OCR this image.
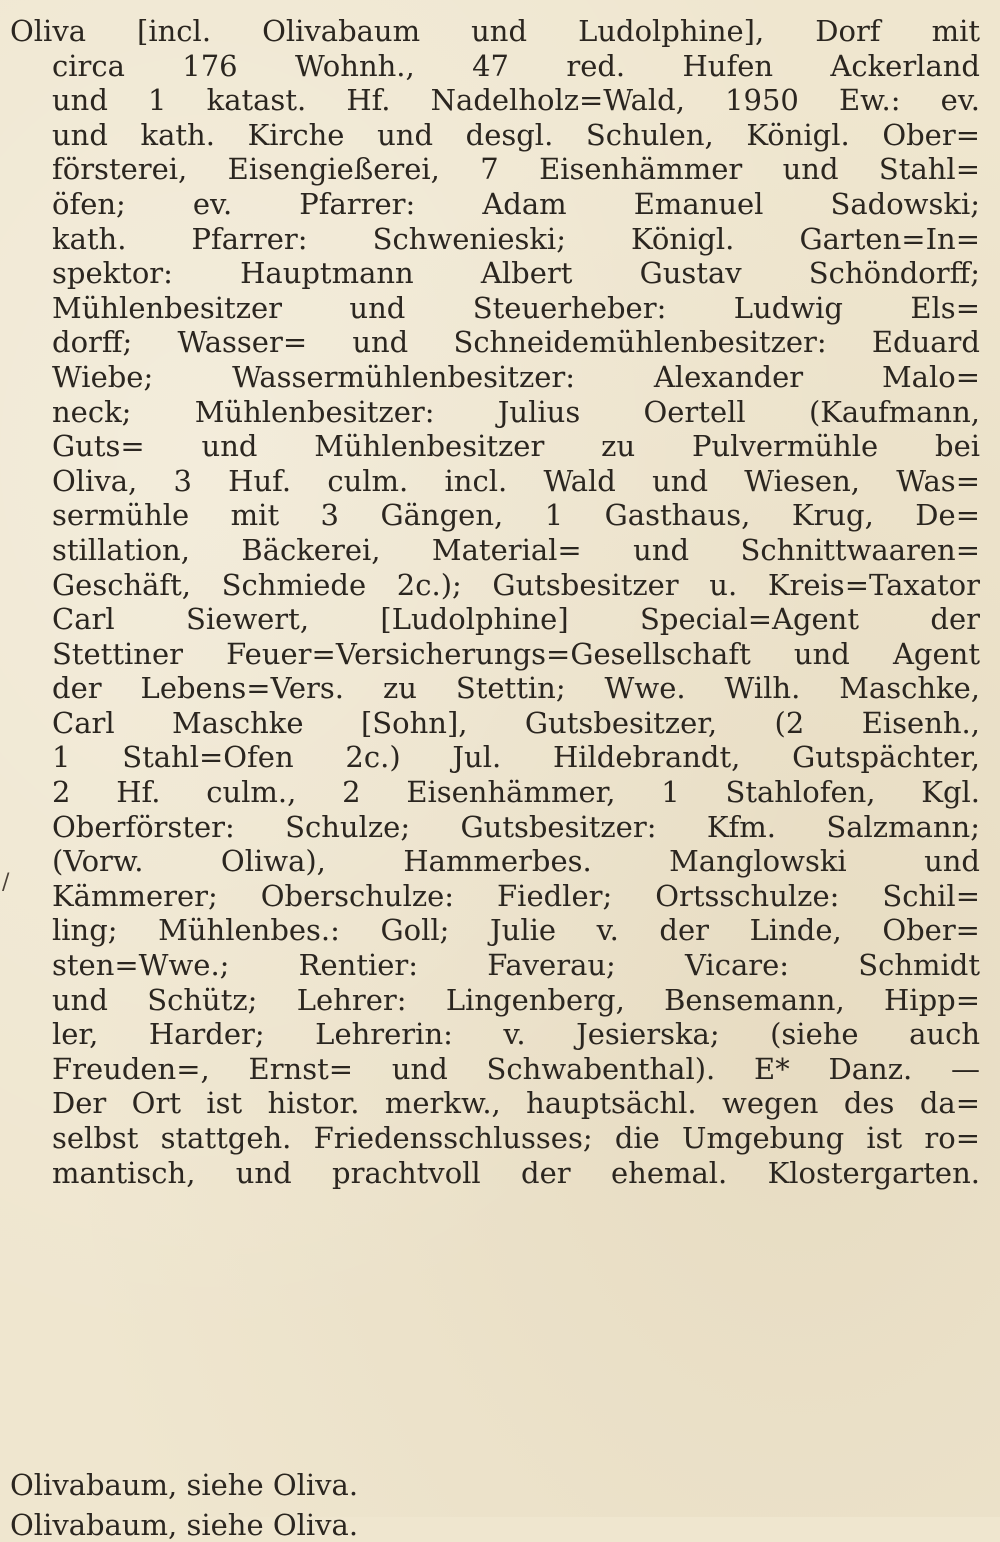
/
Oliva [incl. Olivabaum und Ludolphine], Dorf mit
circa 176 Wohnh., 47 red. Hufen Ackerland
und 1 katast. Hf. Nadelholz=Wald, 1950 Ew.: ev.
und kath. Kirche und desgl. Schulen, Königl. Ober=
försterei, Eisengießerei, 7 Eisenhämmer und Stahl=
öfen; ev. Pfarrer: Adam Emanuel Sadowski;
kath. Pfarrer: Schwenieski; Königl. Garten=In=
spektor: Hauptmann Albert Gustav Schöndorff;
Mühlenbesitzer und Steuerheber: Ludwig Els=
dorff; Wasser= und Schneidemühlenbesitzer: Eduard
Wiebe; Wassermühlenbesitzer: Alexander Malo=
neck; Mühlenbesitzer: Julius Oertell (Kaufmann,
Guts= und Mühlenbesitzer zu Pulvermühle bei
Oliva, 3 Huf. culm. incl. Wald und Wiesen, Was=
sermühle mit 3 Gängen, 1 Gasthaus, Krug, De=
stillation, Bäckerei, Material= und Schnittwaaren=
Geschäft, Schmiede 2c.); Gutsbesitzer u. Kreis=Taxator
Carl Siewert, [Ludolphine] Special=Agent der
Stettiner Feuer=Versicherungs=Gesellschaft und Agent
der Lebens=Vers. zu Stettin; Wwe. Wilh. Maschke,
Carl Maschke [Sohn], Gutsbesitzer, (2 Eisenh.,
1 Stahl=Ofen 2c.) Jul. Hildebrandt, Gutspächter,
2 Hf. culm., 2 Eisenhämmer, 1 Stahlofen, Kgl.
Oberförster: Schulze; Gutsbesitzer: Kfm. Salzmann;
(Vorw. Oliwa), Hammerbes. Manglowski und
Kämmerer; Oberschulze: Fiedler; Ortsschulze: Schil=
ling; Mühlenbes.: Goll; Julie v. der Linde, Ober=
sten=Wwe.; Rentier: Faverau; Vicare: Schmidt
und Schütz; Lehrer: Lingenberg, Bensemann, Hipp=
ler, Harder; Lehrerin: v. Jesierska; (siehe auch
Freuden=, Ernst= und Schwabenthal). E* Danz. —
Der Ort ist histor. merkw., hauptsächl. wegen des da=
selbst stattgeh. Friedensschlusses; die Umgebung ist ro=
mantisch, und prachtvoll der ehemal. Klostergarten.
Olivabaum, siehe Oliva.
Olivabaum, siehe Oliva.
